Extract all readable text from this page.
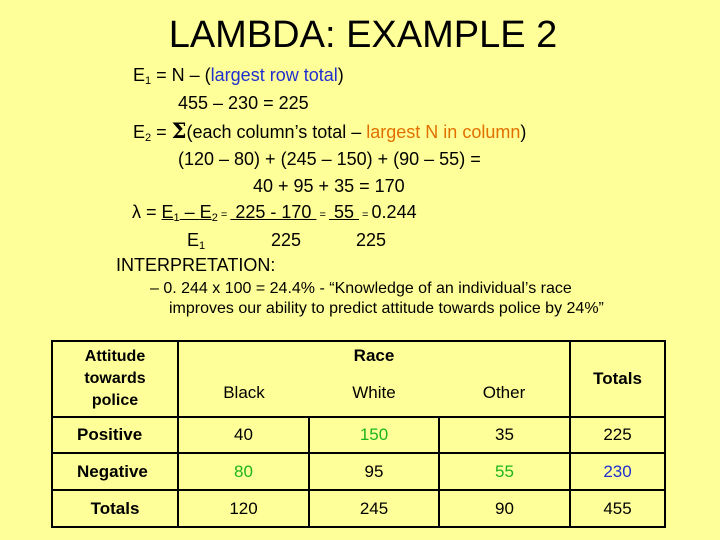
LAMBDA: EXAMPLE 2
$E_1 = N$ – (largest row total)
455 – 230 = 225
$E_2$ = Σ(each column’s total – largest N in column)
(120 – 80) + (245 – 150) + (90 – 55) =
40 + 95 + 35 = 170
$\lambda = E_1 - E_2 = 225 - 170 = 55 = 0.244$
$E_1$	225	225
INTERPRETATION:
– 0. 244 x 100 = 24.4% - “Knowledge of an individual’s race
improves our ability to predict attitude towards police by 24%”
Attitude
towards
police	Race			Totals
	Black	White	Other	
Positive	40	150	35	225
Negative	80	95	55	230
Totals	120	245	90	455
